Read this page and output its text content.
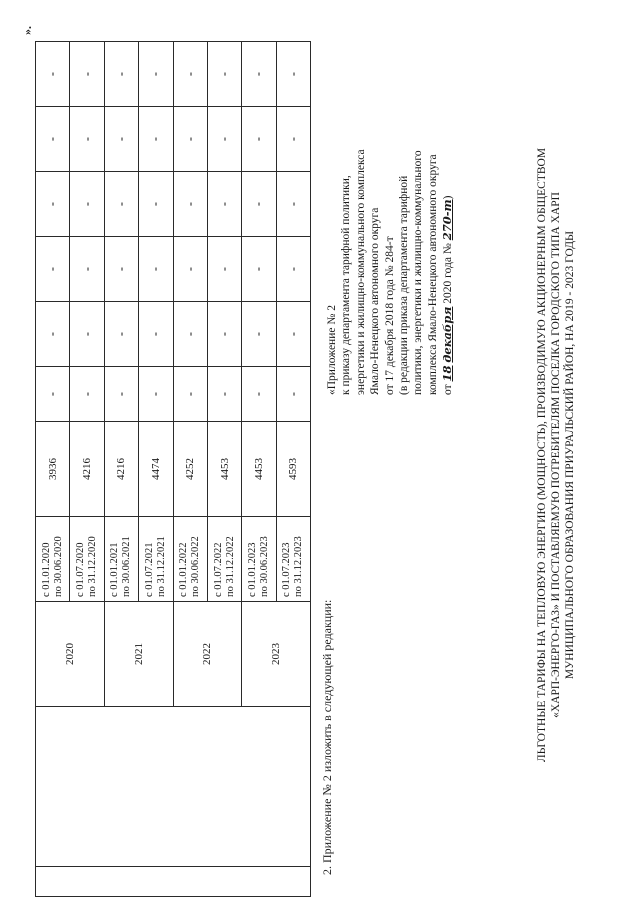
		2020	с 01.01.2020 по 30.06.2020	3936	-	-	-	-	-	-

			с 01.07.2020 по 31.12.2020	4216	-	-	-	-	-	-
		2021	с 01.01.2021 по 30.06.2021	4216	-	-	-	-	-	-

			с 01.07.2021 по 31.12.2021	4474	-	-	-	-	-	-
		2022	с 01.01.2022 по 30.06.2022	4252	-	-	-	-	-	-

			с 01.07.2022 по 31.12.2022	4453	-	-	-	-	-	-
		2023	с 01.01.2023 по 30.06.2023	4453	-	-	-	-	-	-

			с 01.07.2023 по 31.12.2023	4593	-	-	-	-	-	-

2. Приложение № 2 изложить в следующей редакции:

«Приложение № 2 к приказу департамента тарифной политики, энергетики и жилищно-коммунального комплекса Ямало-Ненецкого автономного округа от 17 декабря 2018 года № 284-т (в редакции приказа департамента тарифной политики, энергетики и жилищно-коммунального комплекса Ямало-Ненецкого автономного округа от 18 декабря 2020 года № 270-т)	ЛЬГОТНЫЕ ТАРИФЫ НА ТЕПЛОВУЮ ЭНЕРГИЮ (МОЩНОСТЬ), ПРОИЗВОДИМУЮ АКЦИОНЕРНЫМ ОБЩЕСТВОМ «ХАРП-ЭНЕРГО-ГАЗ» И ПОСТАВЛЯЕМУЮ ПОТРЕБИТЕЛЯМ ПОСЕЛКА ГОРОДСКОГО ТИПА ХАРП МУНИЦИПАЛЬНОГО ОБРАЗОВАНИЯ ПРИУРАЛЬСКИЙ РАЙОН, НА 2019 - 2023 ГОДЫ

».
